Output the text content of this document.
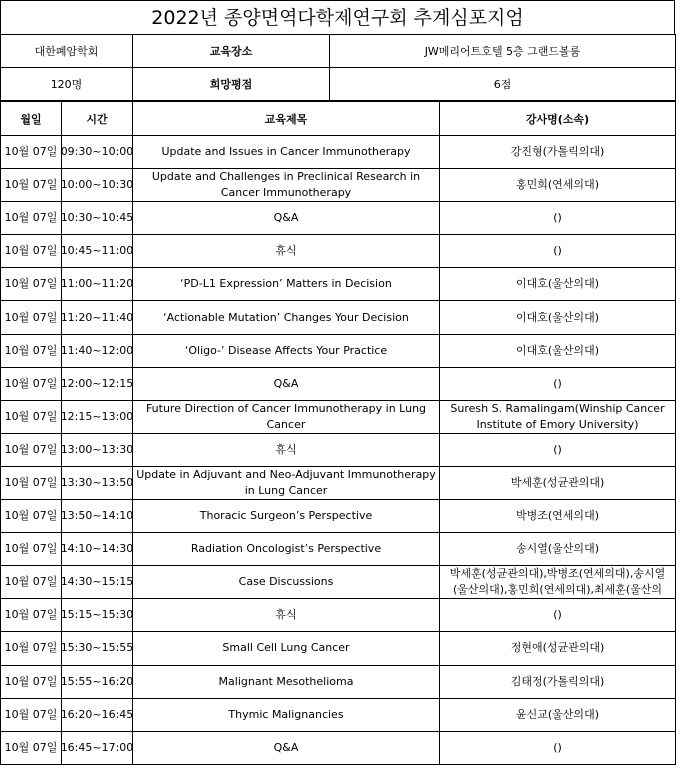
2022년 종양면역다학제연구회 추계심포지엄
대한폐암학회	교육장소	JW메리어트호텔 5층 그랜드볼룸
120명	희망평점	6점
월일	시간	교육제목	강사명(소속)

10월 07일	09:30~10:00	Update and Issues in Cancer Immunotherapy	강진형(가톨릭의대)

10월 07일	10:00~10:30	Update and Challenges in Preclinical Research in Cancer Immunotherapy	홍민희(연세의대)

10월 07일	10:30~10:45	Q&A	()

10월 07일	10:45~11:00	휴식	()

10월 07일	11:00~11:20	‘PD-L1 Expression’ Matters in Decision	이대호(울산의대)

10월 07일	11:20~11:40	‘Actionable Mutation’ Changes Your Decision	이대호(울산의대)

10월 07일	11:40~12:00	‘Oligo-’ Disease Affects Your Practice	이대호(울산의대)

10월 07일	12:00~12:15	Q&A	()

10월 07일	12:15~13:00	Future Direction of Cancer Immunotherapy in Lung Cancer	Suresh S. Ramalingam(Winship Cancer Institute of Emory University)

10월 07일	13:00~13:30	휴식	()

10월 07일	13:30~13:50	Update in Adjuvant and Neo-Adjuvant Immunotherapy in Lung Cancer	박세훈(성균관의대)

10월 07일	13:50~14:10	Thoracic Surgeon’s Perspective	박병조(연세의대)

10월 07일	14:10~14:30	Radiation Oncologist’s Perspective	송시열(울산의대)

10월 07일	14:30~15:15	Case Discussions	박세훈(성균관의대),박병조(연세의대),송시열(울산의대),홍민희(연세의대),최세훈(울산의

10월 07일	15:15~15:30	휴식	()

10월 07일	15:30~15:55	Small Cell Lung Cancer	정현애(성균관의대)

10월 07일	15:55~16:20	Malignant Mesothelioma	김태정(가톨릭의대)

10월 07일	16:20~16:45	Thymic Malignancies	윤신교(울산의대)

10월 07일	16:45~17:00	Q&A	()
